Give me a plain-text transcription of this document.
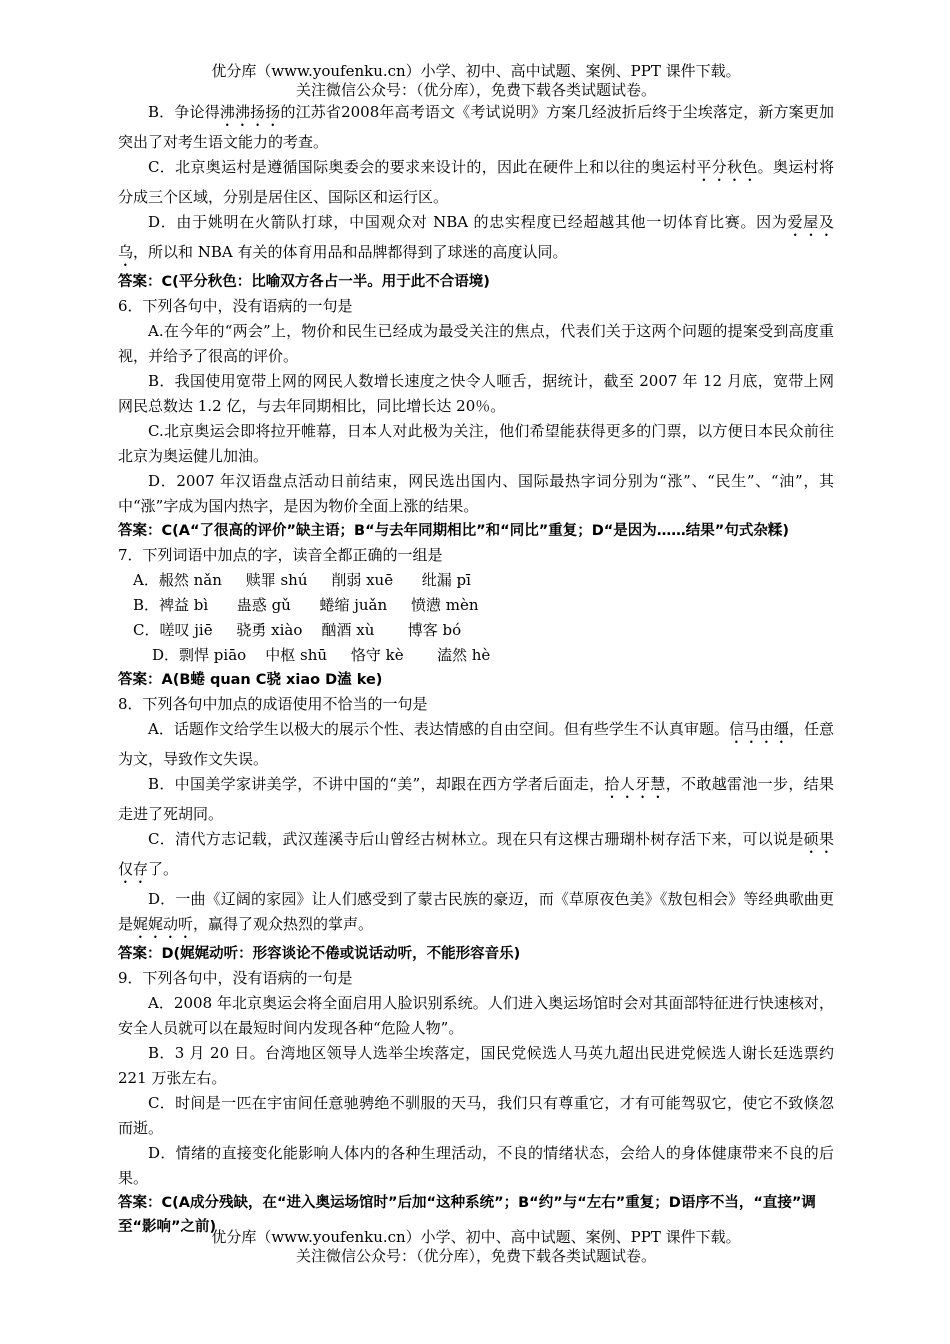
优分库（www.youfenku.cn）小学、初中、高中试题、案例、PPT 课件下载。
关注微信公众号：（优分库），免费下载各类试题试卷。

B．争论得沸沸扬扬的江苏省2008年高考语文《考试说明》方案几经波折后终于尘埃落定，新方案更加突出了对考生语文能力的考查。

C．北京奥运村是遵循国际奥委会的要求来设计的，因此在硬件上和以往的奥运村平分秋色。奥运村将分成三个区域，分别是居住区、国际区和运行区。

D．由于姚明在火箭队打球，中国观众对 NBA 的忠实程度已经超越其他一切体育比赛。因为爱屋及乌，所以和 NBA 有关的体育用品和品牌都得到了球迷的高度认同。

答案：C(平分秋色：比喻双方各占一半。用于此不合语境)

6．下列各句中，没有语病的一句是

A.在今年的“两会”上，物价和民生已经成为最受关注的焦点，代表们关于这两个问题的提案受到高度重视，并给予了很高的评价。

B．我国使用宽带上网的网民人数增长速度之快令人咂舌，据统计，截至 2007 年 12 月底，宽带上网网民总数达 1.2 亿，与去年同期相比，同比增长达 20％。

C.北京奥运会即将拉开帷幕，日本人对此极为关注，他们希望能获得更多的门票，以方便日本民众前往北京为奥运健儿加油。

D．2007 年汉语盘点活动日前结束，网民选出国内、国际最热字词分别为“涨”、“民生”、“油”，其中“涨”字成为国内热字，是因为物价全面上涨的结果。

答案：C(A“了很高的评价”缺主语；B“与去年同期相比”和“同比”重复；D“是因为……结果”句式杂糅)

7．下列词语中加点的字，读音全都正确的一组是

A．赧然 nǎn     赎罪 shú     削弱 xuē      纰漏 pī

B．裨益 bì      蛊惑 gǔ      蜷缩 juǎn     愤懑 mèn

C．嗟叹 jiē     骁勇 xiào    酗酒 xù       博客 bó

D．剽悍 piāo    中枢 shū     恪守 kè       溘然 hè

答案：A(B蜷 quan C骁 xiao D溘 ke)

8．下列各句中加点的成语使用不恰当的一句是

A．话题作文给学生以极大的展示个性、表达情感的自由空间。但有些学生不认真审题。信马由缰，任意为文，导致作文失误。

B．中国美学家讲美学，不讲中国的“美”，却跟在西方学者后面走，拾人牙慧，不敢越雷池一步，结果走进了死胡同。

C．清代方志记载，武汉莲溪寺后山曾经古树林立。现在只有这棵古珊瑚朴树存活下来，可以说是硕果仅存了。

D．一曲《辽阔的家园》让人们感受到了蒙古民族的豪迈，而《草原夜色美》《敖包相会》等经典歌曲更是娓娓动听，赢得了观众热烈的掌声。

答案：D(娓娓动听：形容谈论不倦或说话动听，不能形容音乐)

9．下列各句中，没有语病的一句是

A．2008 年北京奥运会将全面启用人脸识别系统。人们进入奥运场馆时会对其面部特征进行快速核对，安全人员就可以在最短时间内发现各种“危险人物”。

B．3 月 20 日。台湾地区领导人选举尘埃落定，国民党候选人马英九超出民进党候选人谢长廷选票约 221 万张左右。

C．时间是一匹在宇宙间任意驰骋绝不驯服的天马，我们只有尊重它，才有可能驾驭它，使它不致倏忽而逝。

D．情绪的直接变化能影响人体内的各种生理活动，不良的情绪状态，会给人的身体健康带来不良的后果。

答案：C(A成分残缺，在“进入奥运场馆时”后加“这种系统”；B“约”与“左右”重复；D语序不当，“直接”调至“影响”之前)

优分库（www.youfenku.cn）小学、初中、高中试题、案例、PPT 课件下载。
关注微信公众号：（优分库），免费下载各类试题试卷。
